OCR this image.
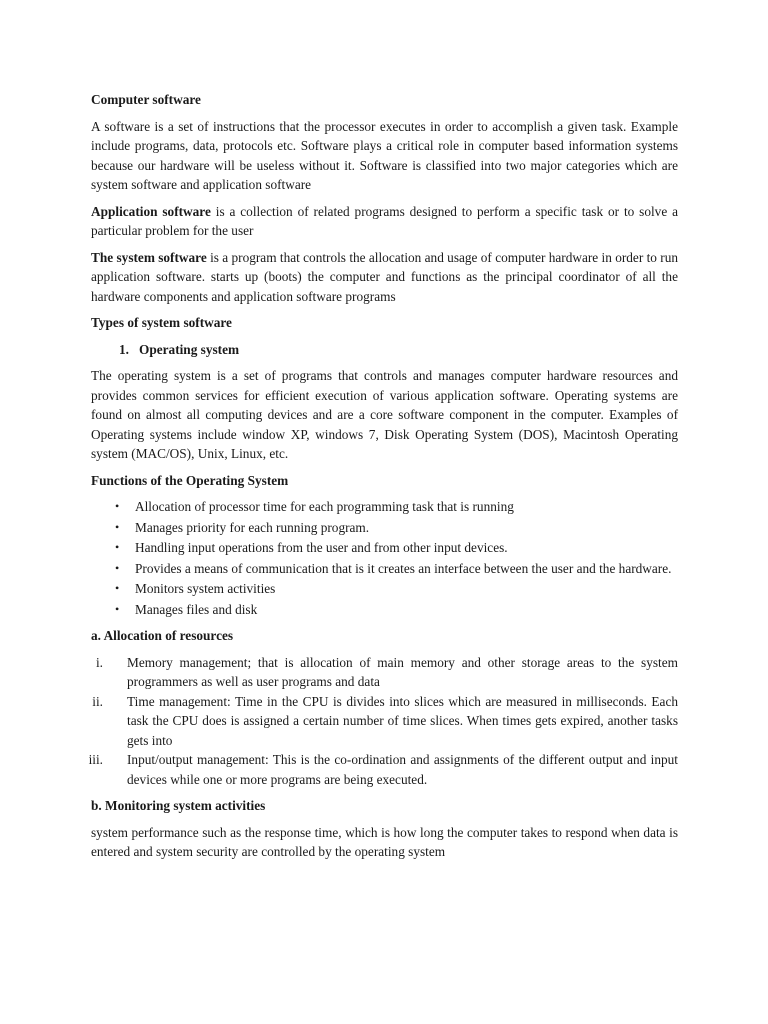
Computer software

A software is a set of instructions that the processor executes in order to accomplish a given task. Example include programs, data, protocols etc. Software plays a critical role in computer based information systems because our hardware will be useless without it. Software is classified into two major categories which are system software and application software

Application software is a collection of related programs designed to perform a specific task or to solve a particular problem for the user

The system software is a program that controls the allocation and usage of computer hardware in order to run application software. starts up (boots) the computer and functions as the principal coordinator of all the hardware components and application software programs

Types of system software
1. Operating system

The operating system is a set of programs that controls and manages computer hardware resources and provides common services for efficient execution of various application software. Operating systems are found on almost all computing devices and are a core software component in the computer. Examples of Operating systems include window XP, windows 7, Disk Operating System (DOS), Macintosh Operating system (MAC/OS), Unix, Linux, etc.

Functions of the Operating System
•	Allocation of processor time for each programming task that is running
•	Manages priority for each running program.
•	Handling input operations from the user and from other input devices.
•	Provides a means of communication that is it creates an interface between the user and the hardware.
•	Monitors system activities
•	Manages files and disk
a. Allocation of resources
i.	Memory management; that is allocation of main memory and other storage areas to the system programmers as well as user programs and data
ii.	Time management: Time in the CPU is divides into slices which are measured in milliseconds. Each task the CPU does is assigned a certain number of time slices. When times gets expired, another tasks gets into
iii.	Input/output management: This is the co-ordination and assignments of the different output and input devices while one or more programs are being executed.
b. Monitoring system activities

system performance such as the response time, which is how long the computer takes to respond when data is entered and system security are controlled by the operating system
